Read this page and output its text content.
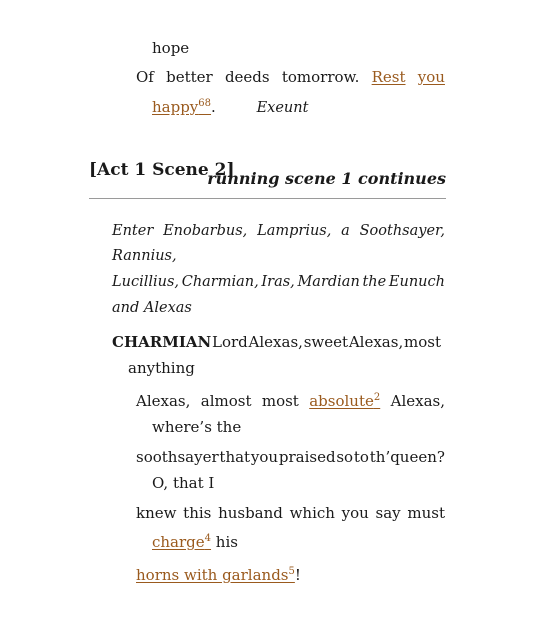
hope
Of better deeds tomorrow. Rest you
happy$^{68}$.	Exeunt
[Act 1 Scene 2]
running scene 1 continues
Enter Enobarbus, Lamprius, a Soothsayer,
Rannius,
Lucillius, Charmian, Iras, Mardian the Eunuch
and Alexas
CHARMIAN Lord Alexas, sweet Alexas, most
anything
Alexas, almost most absolute$^2$ Alexas,
where’s the
soothsayer that you praised so to th’queen?
O, that I
knew this husband which you say must
charge$^4$ his
horns with garlands$^5$!
